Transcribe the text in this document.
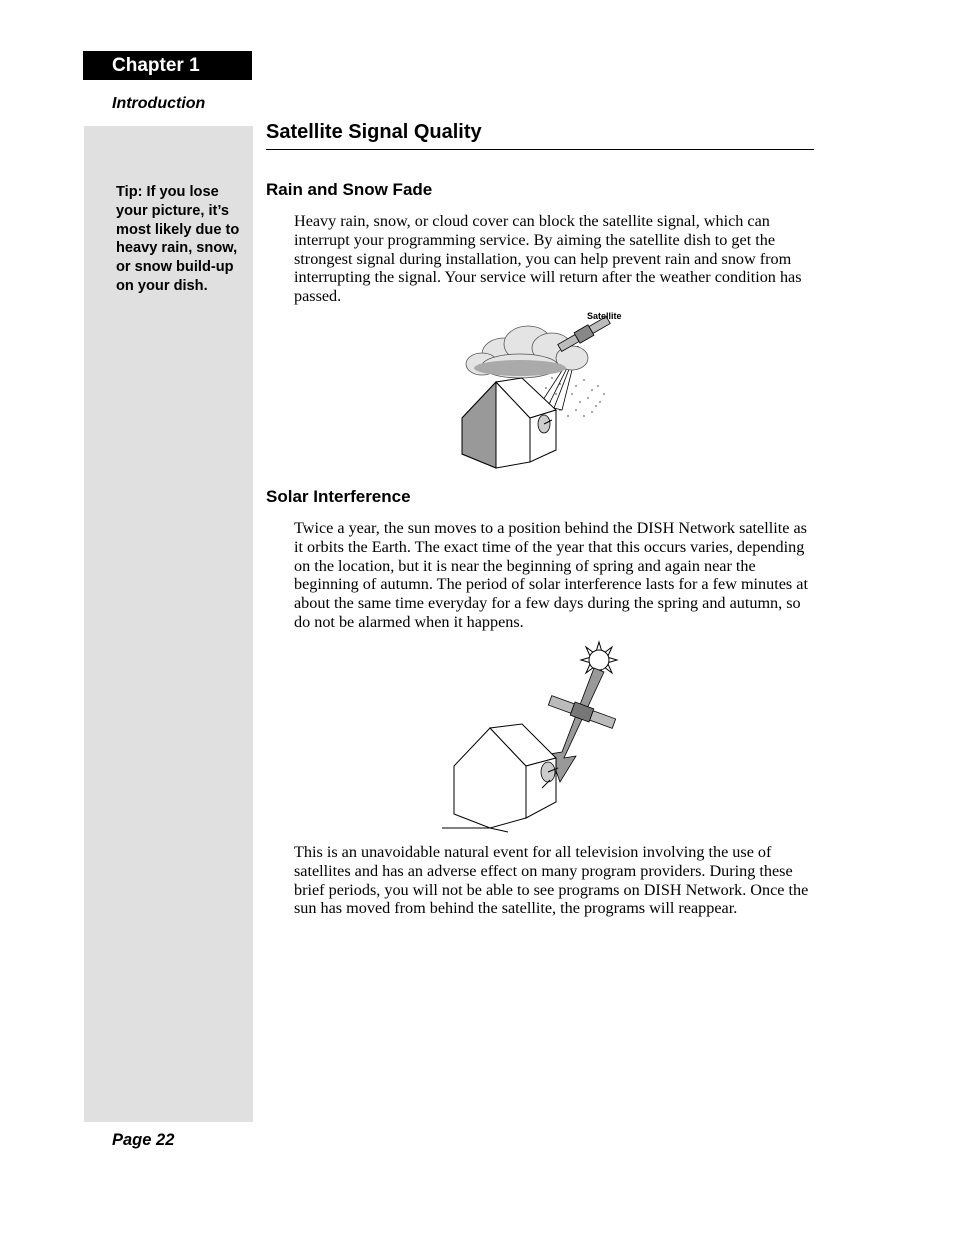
Chapter 1
Introduction
Tip: If you lose your picture, it’s most likely due to heavy rain, snow, or snow build-up on your dish.
Satellite Signal Quality
Rain and Snow Fade
Heavy rain, snow, or cloud cover can block the satellite signal, which can interrupt your programming service. By aiming the satellite dish to get the strongest signal during installation, you can help prevent rain and snow from interrupting the signal. Your service will return after the weather condition has passed.
Satellite
Solar Interference
Twice a year, the sun moves to a position behind the DISH Network satellite as it orbits the Earth. The exact time of the year that this occurs varies, depending on the location, but it is near the beginning of spring and again near the beginning of autumn. The period of solar interference lasts for a few minutes at about the same time everyday for a few days during the spring and autumn, so do not be alarmed when it happens.
This is an unavoidable natural event for all television involving the use of satellites and has an adverse effect on many program providers. During these brief periods, you will not be able to see programs on DISH Network. Once the sun has moved from behind the satellite, the programs will reappear.
Page 22
